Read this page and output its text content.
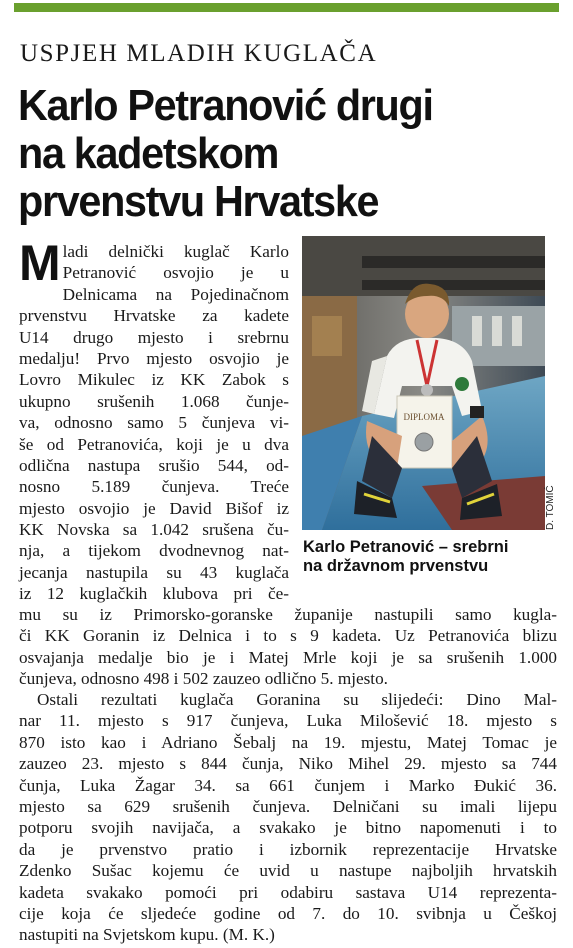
USPJEH MLADIH KUGLAČA
Karlo Petranović drugi
na kadetskom
prvenstvu Hrvatske
M ladi delnički kuglač Karlo
Petranović osvojio je u
Delnicama na Pojedinačnom
prvenstvu Hrvatske za kadete
U14 drugo mjesto i srebrnu
medalju! Prvo mjesto osvojio je
Lovro Mikulec iz KK Zabok s
ukupno srušenih 1.068 čunje-
va, odnosno samo 5 čunjeva vi-
še od Petranovića, koji je u dva
odlična nastupa srušio 544, od-
nosno 5.189 čunjeva. Treće
mjesto osvojio je David Bišof iz
KK Novska sa 1.042 srušena ču-
nja, a tijekom dvodnevnog nat-
jecanja nastupila su 43 kuglača
iz 12 kuglačkih klubova pri če-
DIPLOMA
D. TOMIĆ
Karlo Petranović – srebrni
na državnom prvenstvu
mu su iz Primorsko-goranske županije nastupili samo kugla-
či KK Goranin iz Delnica i to s 9 kadeta. Uz Petranovića blizu
osvajanja medalje bio je i Matej Mrle koji je sa srušenih 1.000
čunjeva, odnosno 498 i 502 zauzeo odlično 5. mjesto.
Ostali rezultati kuglača Goranina su slijedeći: Dino Mal-
nar 11. mjesto s 917 čunjeva, Luka Milošević 18. mjesto s
870 isto kao i Adriano Šebalj na 19. mjestu, Matej Tomac je
zauzeo 23. mjesto s 844 čunja, Niko Mihel 29. mjesto sa 744
čunja, Luka Žagar 34. sa 661 čunjem i Marko Đukić 36.
mjesto sa 629 srušenih čunjeva. Delničani su imali lijepu
potporu svojih navijača, a svakako je bitno napomenuti i to
da je prvenstvo pratio i izbornik reprezentacije Hrvatske
Zdenko Sušac kojemu će uvid u nastupe najboljih hrvatskih
kadeta svakako pomoći pri odabiru sastava U14 reprezenta-
cije koja će sljedeće godine od 7. do 10. svibnja u Češkoj
nastupiti na Svjetskom kupu. (M. K.)
